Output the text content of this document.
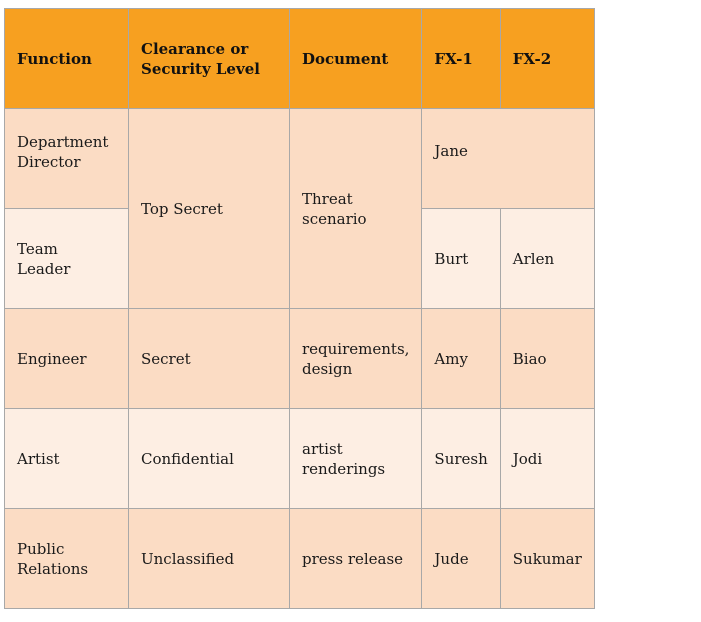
Function	Clearance or Security Level	Document	FX-1	FX-2
Department Director	Top Secret	Threat scenario	Jane	
Team Leader			Burt	Arlen
Engineer	Secret	requirements, design	Amy	Biao
Artist	Confidential	artist renderings	Suresh	Jodi
Public Relations	Unclassified	press release	Jude	Sukumar
